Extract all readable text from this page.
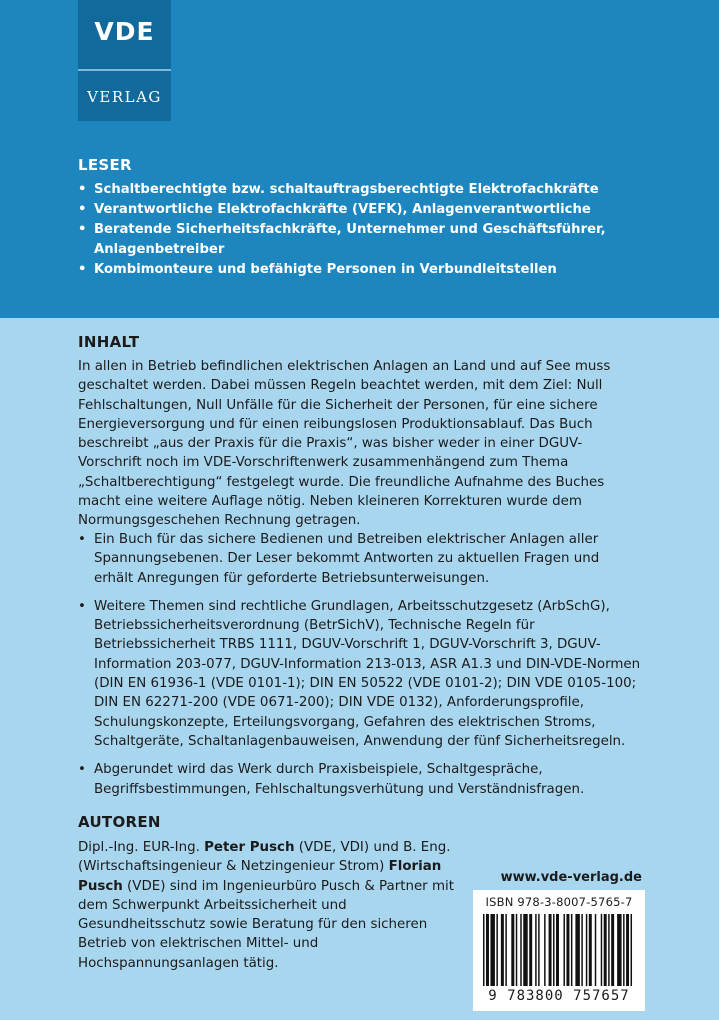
VDE
VERLAG
LESER
• Schaltberechtigte bzw. schaltauftragsberechtigte Elektrofachkräfte
• Verantwortliche Elektrofachkräfte (VEFK), Anlagenverantwortliche
• Beratende Sicherheitsfachkräfte, Unternehmer und Geschäftsführer, Anlagenbetreiber
• Kombimonteure und befähigte Personen in Verbundleitstellen
INHALT

In allen in Betrieb befindlichen elektrischen Anlagen an Land und auf See muss geschaltet werden. Dabei müssen Regeln beachtet werden, mit dem Ziel: Null Fehlschaltungen, Null Unfälle für die Sicherheit der Personen, für eine sichere Energieversorgung und für einen reibungslosen Produktionsablauf. Das Buch beschreibt „aus der Praxis für die Praxis“, was bisher weder in einer DGUV-Vorschrift noch im VDE-Vorschriftenwerk zusammenhängend zum Thema „Schaltberechtigung“ festgelegt wurde. Die freundliche Aufnahme des Buches macht eine weitere Auflage nötig. Neben kleineren Korrekturen wurde dem Normungsgeschehen Rechnung getragen.

• Ein Buch für das sichere Bedienen und Betreiben elektrischer Anlagen aller Spannungsebenen. Der Leser bekommt Antworten zu aktuellen Fragen und erhält Anregungen für geforderte Betriebsunterweisungen.
• Weitere Themen sind rechtliche Grundlagen, Arbeitsschutzgesetz (ArbSchG), Betriebssicherheitsverordnung (BetrSichV), Technische Regeln für Betriebssicherheit TRBS 1111, DGUV-Vorschrift 1, DGUV-Vorschrift 3, DGUV-Information 203-077, DGUV-Information 213-013, ASR A1.3 und DIN-VDE-Normen (DIN EN 61936-1 (VDE 0101-1); DIN EN 50522 (VDE 0101-2); DIN VDE 0105-100; DIN EN 62271-200 (VDE 0671-200); DIN VDE 0132), Anforderungsprofile, Schulungskonzepte, Erteilungsvorgang, Gefahren des elektrischen Stroms, Schaltgeräte, Schaltanlagenbauweisen, Anwendung der fünf Sicherheitsregeln.
• Abgerundet wird das Werk durch Praxisbeispiele, Schaltgespräche, Begriffsbestimmungen, Fehlschaltungsverhütung und Verständnisfragen.
AUTOREN

Dipl.-Ing. EUR-Ing. Peter Pusch (VDE, VDI) und B. Eng. (Wirtschaftsingenieur & Netzingenieur Strom) Florian Pusch (VDE) sind im Ingenieurbüro Pusch & Partner mit dem Schwerpunkt Arbeitssicherheit und Gesundheitsschutz sowie Beratung für den sicheren Betrieb von elektrischen Mittel- und Hochspannungsanlagen tätig.

www.vde-verlag.de
ISBN 978-3-8007-5765-7
9 783800 757657
